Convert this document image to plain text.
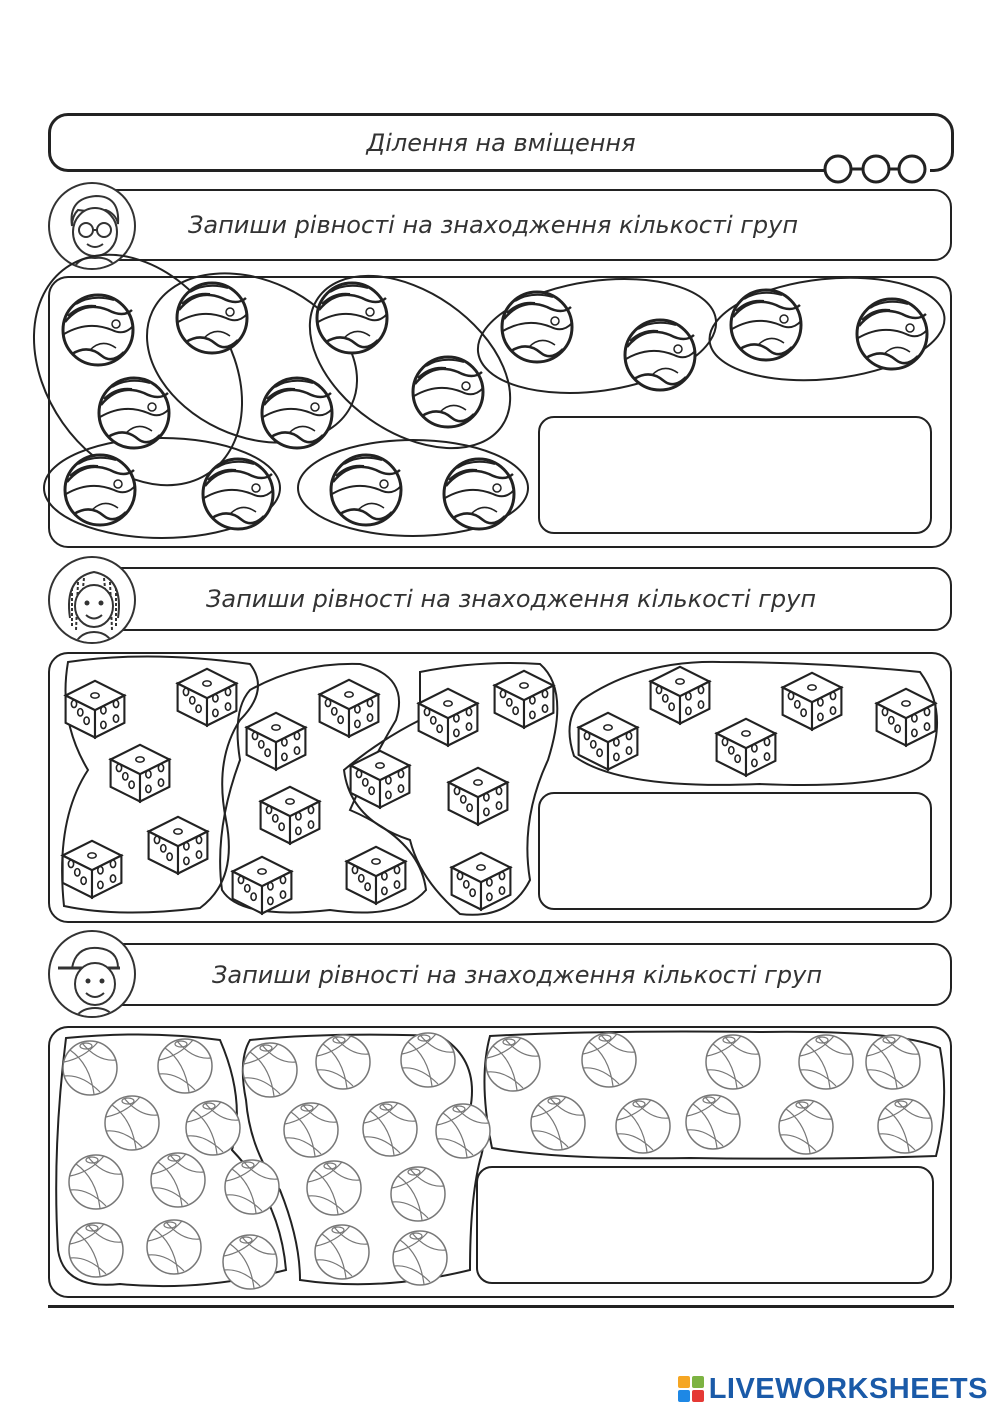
Ділення на вміщення
Запиши рівності на знаходження кількості груп
Запиши рівності на знаходження кількості груп
Запиши рівності на знаходження кількості груп
LIVEWORKSHEETS
